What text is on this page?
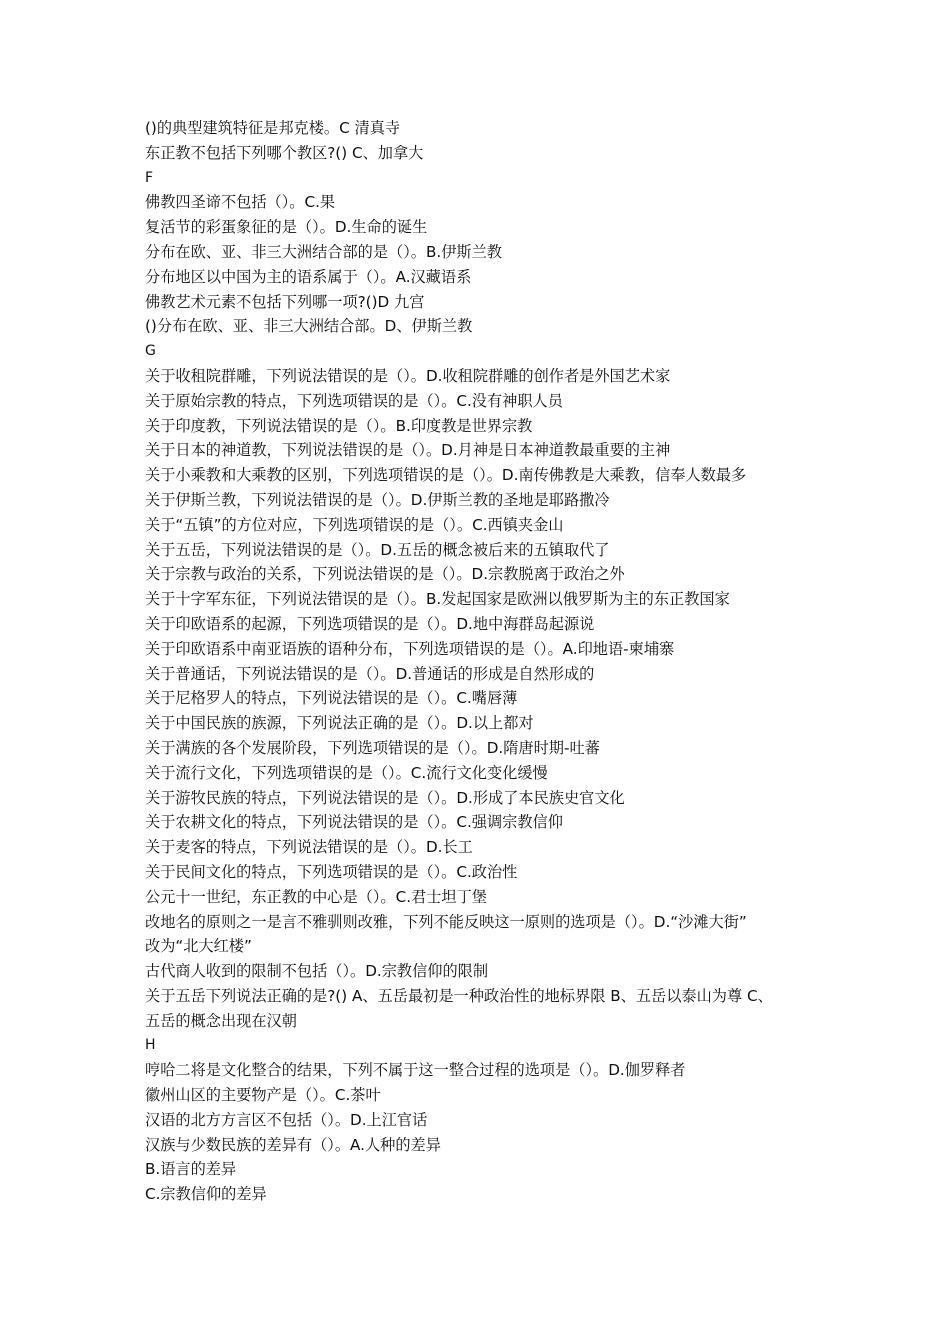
()的典型建筑特征是邦克楼。C 清真寺
东正教不包括下列哪个教区?() C、加拿大
F
佛教四圣谛不包括（）。C.果
复活节的彩蛋象征的是（）。D.生命的诞生
分布在欧、亚、非三大洲结合部的是（）。B.伊斯兰教
分布地区以中国为主的语系属于（）。A.汉藏语系
佛教艺术元素不包括下列哪一项?()D 九宫
()分布在欧、亚、非三大洲结合部。D、伊斯兰教
G
关于收租院群雕，下列说法错误的是（）。D.收租院群雕的创作者是外国艺术家
关于原始宗教的特点，下列选项错误的是（）。C.没有神职人员
关于印度教，下列说法错误的是（）。B.印度教是世界宗教
关于日本的神道教，下列说法错误的是（）。D.月神是日本神道教最重要的主神
关于小乘教和大乘教的区别，下列选项错误的是（）。D.南传佛教是大乘教，信奉人数最多
关于伊斯兰教，下列说法错误的是（）。D.伊斯兰教的圣地是耶路撒冷
关于“五镇”的方位对应，下列选项错误的是（）。C.西镇夹金山
关于五岳，下列说法错误的是（）。D.五岳的概念被后来的五镇取代了
关于宗教与政治的关系，下列说法错误的是（）。D.宗教脱离于政治之外
关于十字军东征，下列说法错误的是（）。B.发起国家是欧洲以俄罗斯为主的东正教国家
关于印欧语系的起源，下列选项错误的是（）。D.地中海群岛起源说
关于印欧语系中南亚语族的语种分布，下列选项错误的是（）。A.印地语-柬埔寨
关于普通话，下列说法错误的是（）。D.普通话的形成是自然形成的
关于尼格罗人的特点，下列说法错误的是（）。C.嘴唇薄
关于中国民族的族源，下列说法正确的是（）。D.以上都对
关于满族的各个发展阶段，下列选项错误的是（）。D.隋唐时期-吐蕃
关于流行文化，下列选项错误的是（）。C.流行文化变化缓慢
关于游牧民族的特点，下列说法错误的是（）。D.形成了本民族史官文化
关于农耕文化的特点，下列说法错误的是（）。C.强调宗教信仰
关于麦客的特点，下列说法错误的是（）。D.长工
关于民间文化的特点，下列选项错误的是（）。C.政治性
公元十一世纪，东正教的中心是（）。C.君士坦丁堡
改地名的原则之一是言不雅驯则改雅，下列不能反映这一原则的选项是（）。D.“沙滩大街”
改为“北大红楼”
古代商人收到的限制不包括（）。D.宗教信仰的限制
关于五岳下列说法正确的是?() A、五岳最初是一种政治性的地标界限 B、五岳以泰山为尊 C、
五岳的概念出现在汉朝
H
哼哈二将是文化整合的结果，下列不属于这一整合过程的选项是（）。D.伽罗释者
徽州山区的主要物产是（）。C.茶叶
汉语的北方方言区不包括（）。D.上江官话
汉族与少数民族的差异有（）。A.人种的差异
B.语言的差异
C.宗教信仰的差异
